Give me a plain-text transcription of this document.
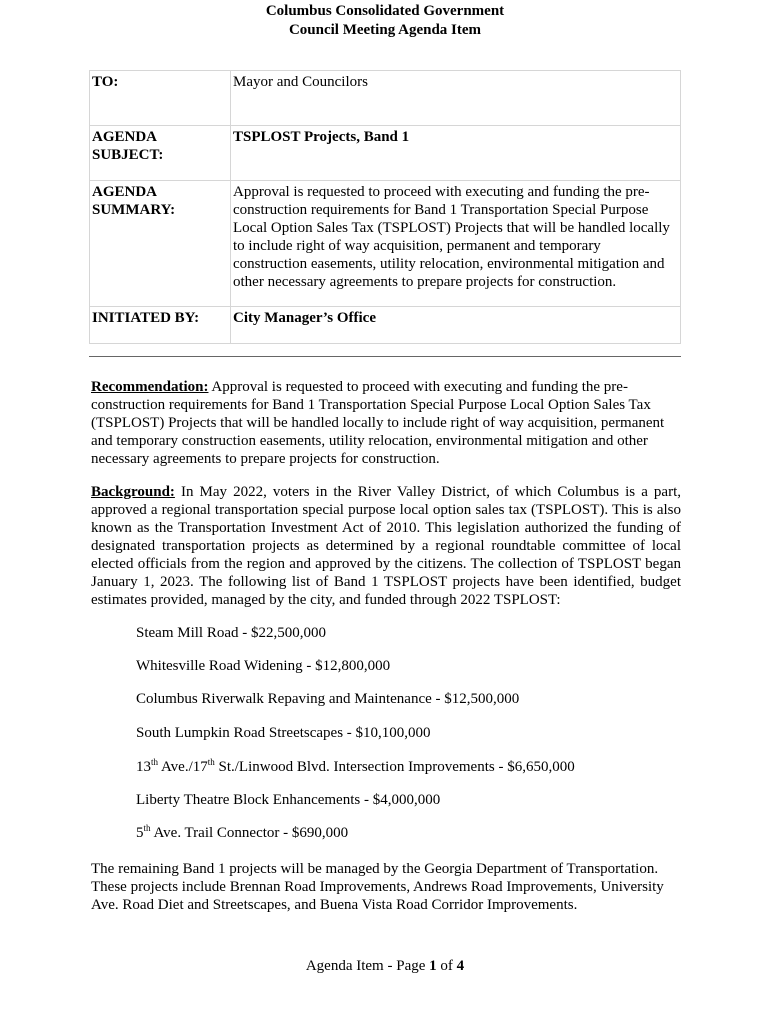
Columbus Consolidated Government
Council Meeting Agenda Item
TO:	Mayor and Councilors

AGENDA
SUBJECT:	TSPLOST Projects, Band 1

AGENDA
SUMMARY:	Approval is requested to proceed with executing and funding the pre-construction requirements for Band 1 Transportation Special Purpose Local Option Sales Tax (TSPLOST) Projects that will be handled locally to include right of way acquisition, permanent and temporary construction easements, utility relocation, environmental mitigation and other necessary agreements to prepare projects for construction.
INITIATED BY:	City Manager’s Office
Recommendation: Approval is requested to proceed with executing and funding the pre-construction requirements for Band 1 Transportation Special Purpose Local Option Sales Tax (TSPLOST) Projects that will be handled locally to include right of way acquisition, permanent and temporary construction easements, utility relocation, environmental mitigation and other necessary agreements to prepare projects for construction.
Background: In May 2022, voters in the River Valley District, of which Columbus is a part, approved a regional transportation special purpose local option sales tax (TSPLOST). This is also known as the Transportation Investment Act of 2010. This legislation authorized the funding of designated transportation projects as determined by a regional roundtable committee of local elected officials from the region and approved by the citizens. The collection of TSPLOST began January 1, 2023. The following list of Band 1 TSPLOST projects have been identified, budget estimates provided, managed by the city, and funded through 2022 TSPLOST:
Steam Mill Road - $22,500,000
Whitesville Road Widening - $12,800,000
Columbus Riverwalk Repaving and Maintenance - $12,500,000
South Lumpkin Road Streetscapes - $10,100,000
13th Ave./17th St./Linwood Blvd. Intersection Improvements - $6,650,000
Liberty Theatre Block Enhancements - $4,000,000
5th Ave. Trail Connector - $690,000
The remaining Band 1 projects will be managed by the Georgia Department of Transportation. These projects include Brennan Road Improvements, Andrews Road Improvements, University Ave. Road Diet and Streetscapes, and Buena Vista Road Corridor Improvements.
Agenda Item - Page 1 of 4
